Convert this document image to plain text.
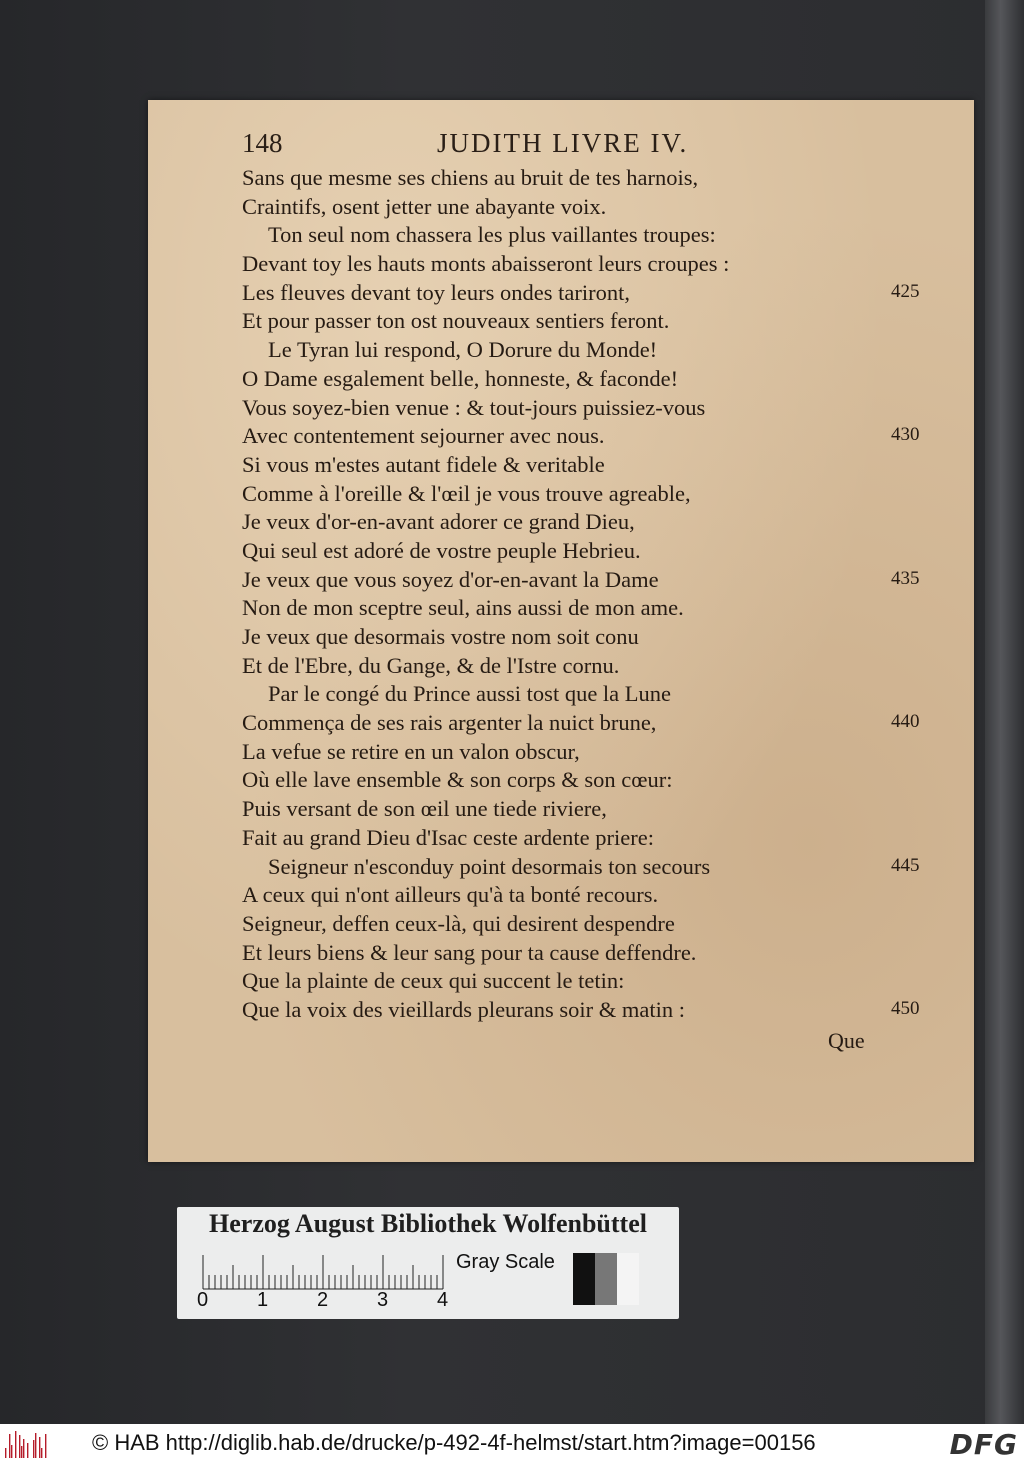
148	JUDITH LIVRE IV.
Sans que mesme ses chiens au bruit de tes harnois,
Craintifs, osent jetter une abayante voix.
Ton seul nom chassera les plus vaillantes troupes:
Devant toy les hauts monts abaisseront leurs croupes :
Les fleuves devant toy leurs ondes tariront,
Et pour passer ton ost nouveaux sentiers feront.
Le Tyran lui respond, O Dorure du Monde!
O Dame esgalement belle, honneste, & faconde!
Vous soyez-bien venue : & tout-jours puissiez-vous
Avec contentement sejourner avec nous.
Si vous m'estes autant fidele & veritable
Comme à l'oreille & l'œil je vous trouve agreable,
Je veux d'or-en-avant adorer ce grand Dieu,
Qui seul est adoré de vostre peuple Hebrieu.
Je veux que vous soyez d'or-en-avant la Dame
Non de mon sceptre seul, ains aussi de mon ame.
Je veux que desormais vostre nom soit conu
Et de l'Ebre, du Gange, & de l'Istre cornu.
Par le congé du Prince aussi tost que la Lune
Commença de ses rais argenter la nuict brune,
La vefue se retire en un valon obscur,
Où elle lave ensemble & son corps & son cœur:
Puis versant de son œil une tiede riviere,
Fait au grand Dieu d'Isac ceste ardente priere:
Seigneur n'esconduy point desormais ton secours
A ceux qui n'ont ailleurs qu'à ta bonté recours.
Seigneur, deffen ceux-là, qui desirent despendre
Et leurs biens & leur sang pour ta cause deffendre.
Que la plainte de ceux qui succent le tetin:
Que la voix des vieillards pleurans soir & matin :
425
430
435
440
445
450
Que
Herzog August Bibliothek Wolfenbüttel
0 1 2 3 4
Gray Scale
© HAB http://diglib.hab.de/drucke/p-492-4f-helmst/start.htm?image=00156	DFG
